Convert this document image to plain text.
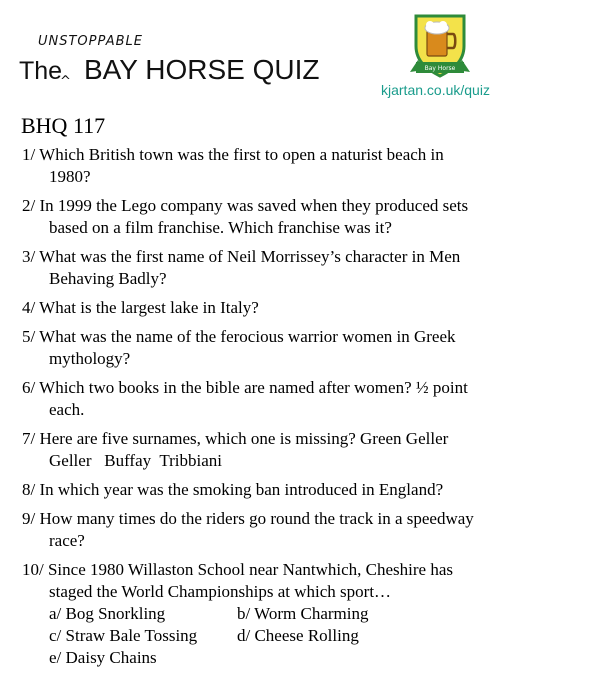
UNSTOPPABLE
The
^ BAY HORSE QUIZ	Bay Horse
kjartan.co.uk/quiz
BHQ 117
1/ Which British town was the first to open a naturist beach in
1980?
2/ In 1999 the Lego company was saved when they produced sets
based on a film franchise. Which franchise was it?
3/ What was the first name of Neil Morrissey’s character in Men
Behaving Badly?
4/ What is the largest lake in Italy?
5/ What was the name of the ferocious warrior women in Greek
mythology?
6/ Which two books in the bible are named after women? ½ point
each.
7/ Here are five surnames, which one is missing? Green Geller
Geller   Buffay  Tribbiani
8/ In which year was the smoking ban introduced in England?
9/ How many times do the riders go round the track in a speedway
race?
10/ Since 1980 Willaston School near Nantwhich, Cheshire has
staged the World Championships at which sport…
a/ Bog Snorkling	b/ Worm Charming
c/ Straw Bale Tossing d/ Cheese Rolling
e/ Daisy Chains
